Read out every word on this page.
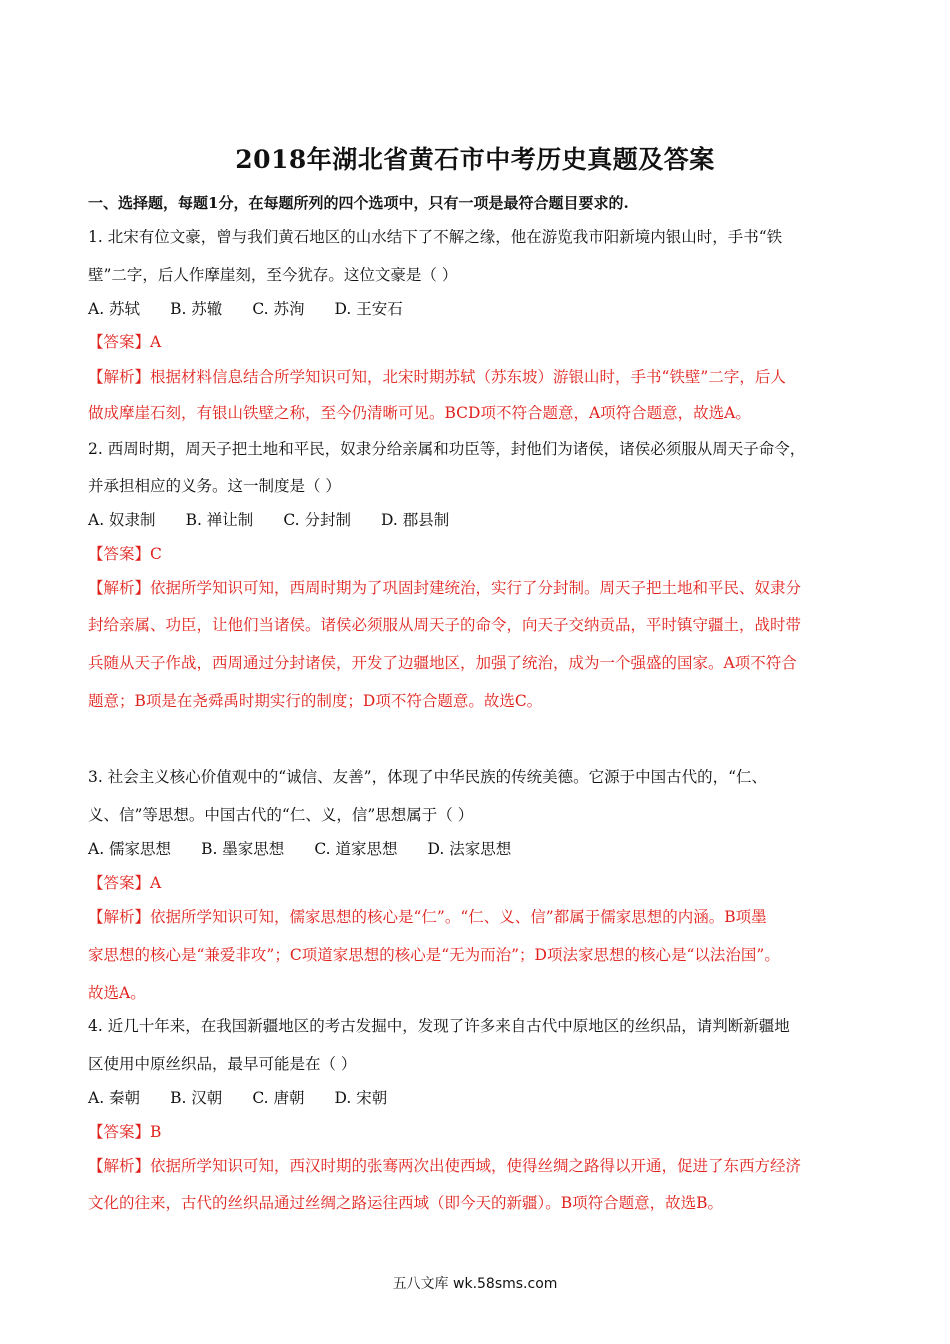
2018年湖北省黄石市中考历史真题及答案
一、选择题，每题1分，在每题所列的四个选项中，只有一项是最符合题目要求的.
1. 北宋有位文豪，曾与我们黄石地区的山水结下了不解之缘，他在游览我市阳新境内银山时，手书“铁
壁”二字，后人作摩崖刻，至今犹存。这位文豪是（ ）
A. 苏轼 B. 苏辙 C. 苏洵 D. 王安石
【答案】A
【解析】根据材料信息结合所学知识可知，北宋时期苏轼（苏东坡）游银山时，手书“铁壁”二字，后人
做成摩崖石刻，有银山铁壁之称，至今仍清晰可见。BCD项不符合题意，A项符合题意，故选A。
2. 西周时期，周天子把土地和平民，奴隶分给亲属和功臣等，封他们为诸侯，诸侯必须服从周天子命令，
并承担相应的义务。这一制度是（ ）
A. 奴隶制 B. 禅让制 C. 分封制 D. 郡县制
【答案】C
【解析】依据所学知识可知，西周时期为了巩固封建统治，实行了分封制。周天子把土地和平民、奴隶分
封给亲属、功臣，让他们当诸侯。诸侯必须服从周天子的命令，向天子交纳贡品，平时镇守疆土，战时带
兵随从天子作战，西周通过分封诸侯，开发了边疆地区，加强了统治，成为一个强盛的国家。A项不符合
题意；B项是在尧舜禹时期实行的制度；D项不符合题意。故选C。
3. 社会主义核心价值观中的“诚信、友善”，体现了中华民族的传统美德。它源于中国古代的，“仁、
义、信”等思想。中国古代的“仁、义，信”思想属于（ ）
A. 儒家思想 B. 墨家思想 C. 道家思想 D. 法家思想
【答案】A
【解析】依据所学知识可知，儒家思想的核心是“仁”。“仁、义、信”都属于儒家思想的内涵。B项墨
家思想的核心是“兼爱非攻”；C项道家思想的核心是“无为而治”；D项法家思想的核心是“以法治国”。
故选A。
4. 近几十年来，在我国新疆地区的考古发掘中，发现了许多来自古代中原地区的丝织品，请判断新疆地
区使用中原丝织品，最早可能是在（ ）
A. 秦朝 B. 汉朝 C. 唐朝 D. 宋朝
【答案】B
【解析】依据所学知识可知，西汉时期的张骞两次出使西域，使得丝绸之路得以开通，促进了东西方经济
文化的往来，古代的丝织品通过丝绸之路运往西域（即今天的新疆）。B项符合题意，故选B。
五八文库 wk.58sms.com
